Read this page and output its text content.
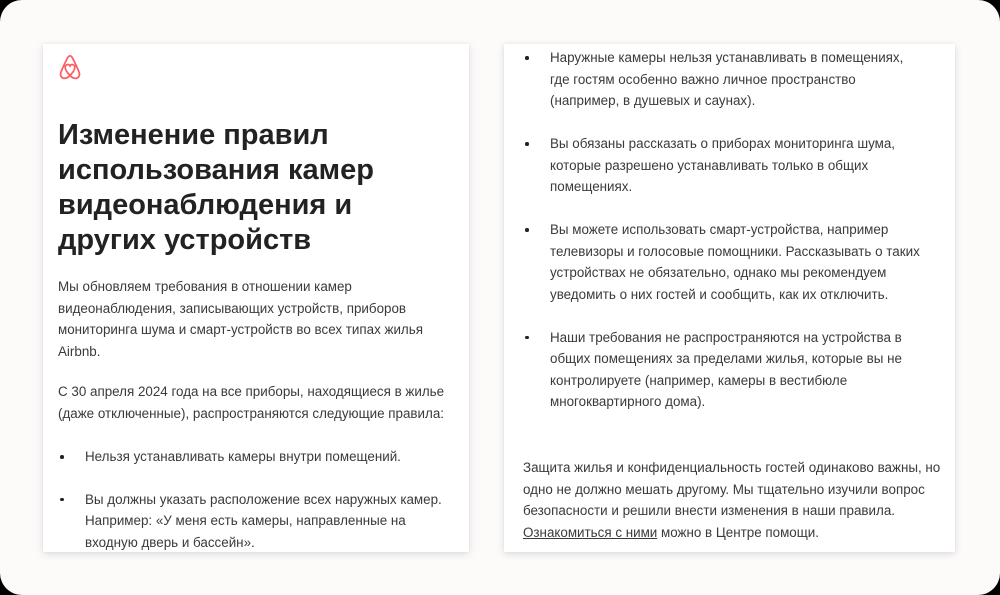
Изменение правил использования камер видеонаблюдения и других устройств

Мы обновляем требования в отношении камер видеонаблюдения, записывающих устройств, приборов мониторинга шума и смарт-устройств во всех типах жилья Airbnb.

С 30 апреля 2024 года на все приборы, находящиеся в жилье (даже отключенные), распространяются следующие правила:

Нельзя устанавливать камеры внутри помещений.
Вы должны указать расположение всех наружных камер. Например: «У меня есть камеры, направленные на входную дверь и бассейн».
Наружные камеры нельзя устанавливать в помещениях, где гостям особенно важно личное пространство (например, в душевых и саунах).
Вы обязаны рассказать о приборах мониторинга шума, которые разрешено устанавливать только в общих помещениях.
Вы можете использовать смарт-устройства, например телевизоры и голосовые помощники. Рассказывать о таких устройствах не обязательно, однако мы рекомендуем уведомить о них гостей и сообщить, как их отключить.
Наши требования не распространяются на устройства в общих помещениях за пределами жилья, которые вы не контролируете (например, камеры в вестибюле многоквартирного дома).

Защита жилья и конфиденциальность гостей одинаково важны, но одно не должно мешать другому. Мы тщательно изучили вопрос безопасности и решили внести изменения в наши правила. Ознакомиться с ними можно в Центре помощи.
